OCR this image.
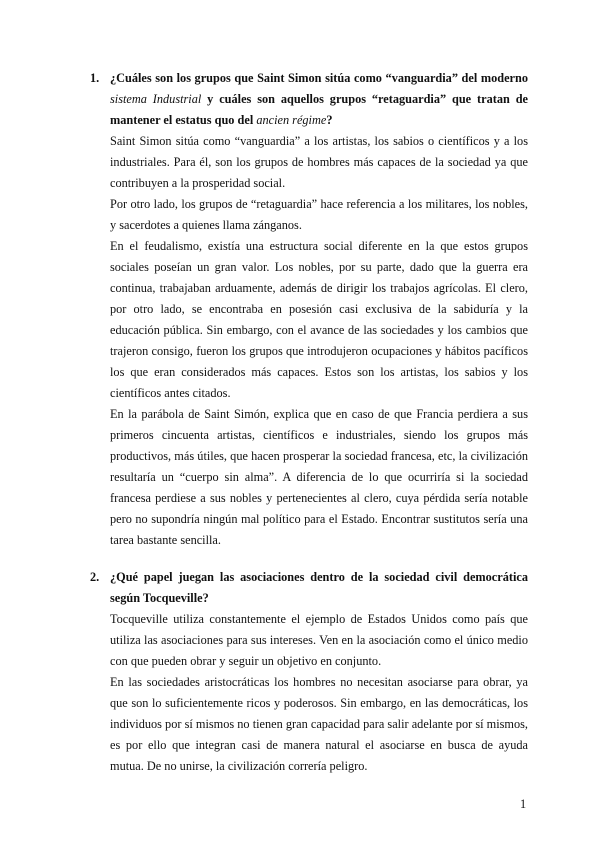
1. ¿Cuáles son los grupos que Saint Simon sitúa como “vanguardia” del moderno sistema Industrial y cuáles son aquellos grupos “retaguardia” que tratan de mantener el estatus quo del ancien régime?

Saint Simon sitúa como “vanguardia” a los artistas, los sabios o científicos y a los industriales. Para él, son los grupos de hombres más capaces de la sociedad ya que contribuyen a la prosperidad social.

Por otro lado, los grupos de “retaguardia” hace referencia a los militares, los nobles, y sacerdotes a quienes llama zánganos.

En el feudalismo, existía una estructura social diferente en la que estos grupos sociales poseían un gran valor. Los nobles, por su parte, dado que la guerra era continua, trabajaban arduamente, además de dirigir los trabajos agrícolas. El clero, por otro lado, se encontraba en posesión casi exclusiva de la sabiduría y la educación pública. Sin embargo, con el avance de las sociedades y los cambios que trajeron consigo, fueron los grupos que introdujeron ocupaciones y hábitos pacíficos los que eran considerados más capaces. Estos son los artistas, los sabios y los científicos antes citados.

En la parábola de Saint Simón, explica que en caso de que Francia perdiera a sus primeros cincuenta artistas, científicos e industriales, siendo los grupos más productivos, más útiles, que hacen prosperar la sociedad francesa, etc, la civilización resultaría un “cuerpo sin alma”. A diferencia de lo que ocurriría si la sociedad francesa perdiese a sus nobles y pertenecientes al clero, cuya pérdida sería notable pero no supondría ningún mal político para el Estado. Encontrar sustitutos sería una tarea bastante sencilla.

2. ¿Qué papel juegan las asociaciones dentro de la sociedad civil democrática según Tocqueville?

Tocqueville utiliza constantemente el ejemplo de Estados Unidos como país que utiliza las asociaciones para sus intereses. Ven en la asociación como el único medio con que pueden obrar y seguir un objetivo en conjunto.

En las sociedades aristocráticas los hombres no necesitan asociarse para obrar, ya que son lo suficientemente ricos y poderosos. Sin embargo, en las democráticas, los individuos por sí mismos no tienen gran capacidad para salir adelante por sí mismos, es por ello que integran casi de manera natural el asociarse en busca de ayuda mutua. De no unirse, la civilización correría peligro.

1
